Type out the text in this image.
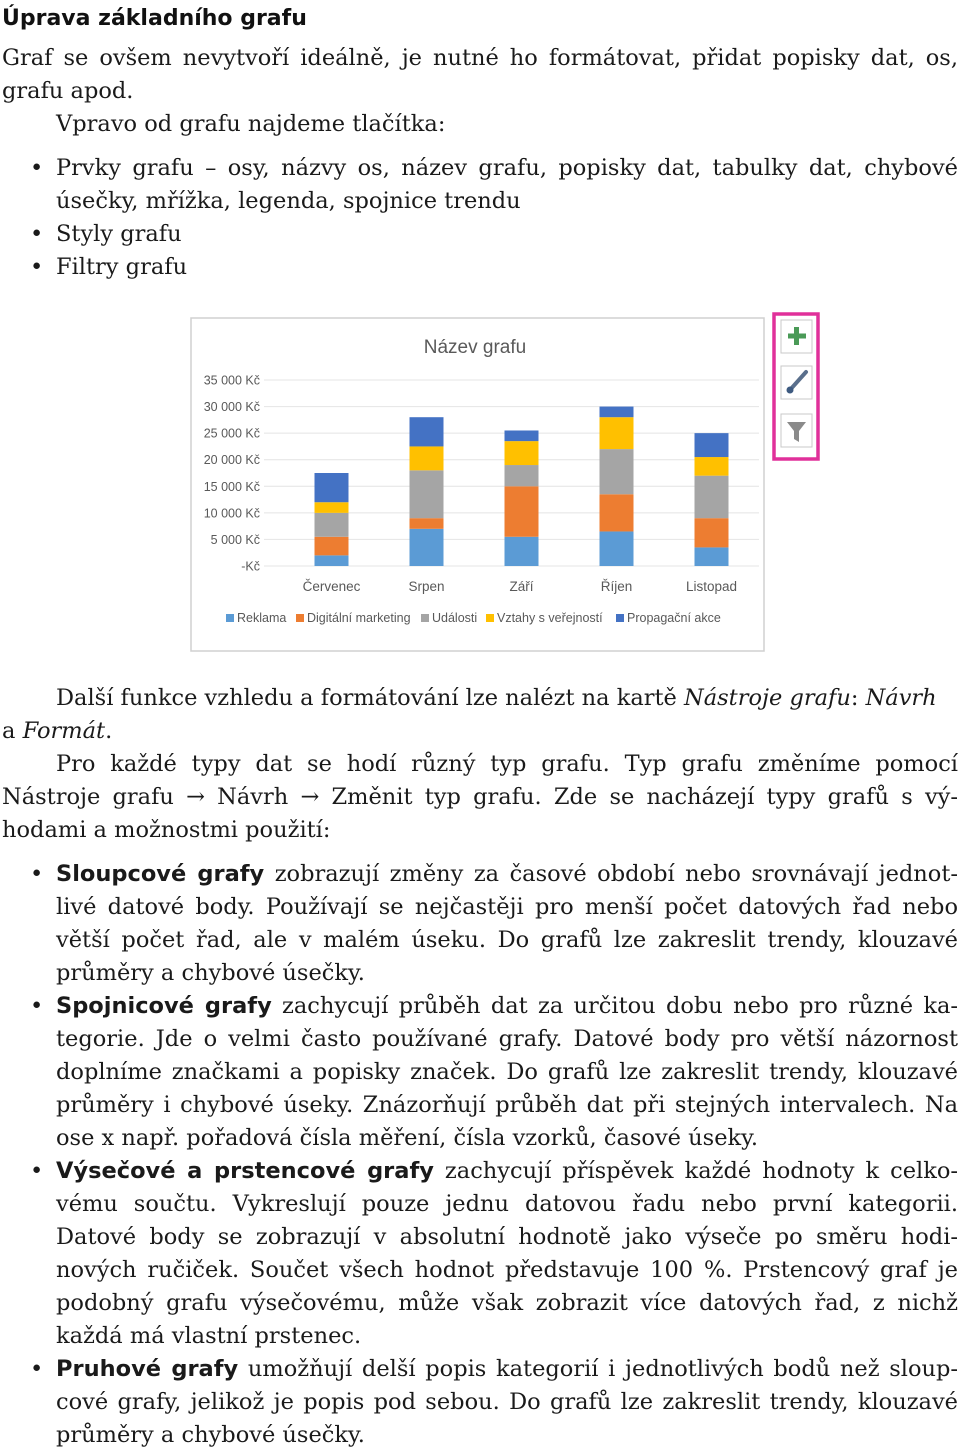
Úprava základního grafu

Graf se ovšem nevytvoří ideálně, je nutné ho formátovat, přidat popisky dat, os,

grafu apod.

Vpravo od grafu najdeme tlačítka:

•

Prvky grafu – osy, názvy os, název grafu, popisky dat, tabulky dat, chybové

úsečky, mřížka, legenda, spojnice trendu

•

Styly grafu

•

Filtry grafu

Název grafu
35 000 Kč
30 000 Kč
25 000 Kč
20 000 Kč
15 000 Kč
10 000 Kč
5 000 Kč
-Kč
Červenec	Srpen	Září	Říjen	Listopad
Reklama Digitální marketing Události Vztahy s veřejností Propagační akce

Další funkce vzhledu a formátování lze nalézt na kartě Nástroje grafu: Návrh

a Formát.

Pro každé typy dat se hodí různý typ grafu. Typ grafu změníme pomocí

Nástroje grafu → Návrh → Změnit typ grafu. Zde se nacházejí typy grafů s vý-

hodami a možnostmi použití:

•

Sloupcové grafy zobrazují změny za časové období nebo srovnávají jednot-

livé datové body. Používají se nejčastěji pro menší počet datových řad nebo

větší počet řad, ale v malém úseku. Do grafů lze zakreslit trendy, klouzavé

průměry a chybové úsečky.

•

Spojnicové grafy zachycují průběh dat za určitou dobu nebo pro různé ka-

tegorie. Jde o velmi často používané grafy. Datové body pro větší názornost

doplníme značkami a popisky značek. Do grafů lze zakreslit trendy, klouzavé

průměry i chybové úseky. Znázorňují průběh dat při stejných intervalech. Na

ose x např. pořadová čísla měření, čísla vzorků, časové úseky.

•

Výsečové a prstencové grafy zachycují příspěvek každé hodnoty k celko-

vému součtu. Vykreslují pouze jednu datovou řadu nebo první kategorii.

Datové body se zobrazují v absolutní hodnotě jako výseče po směru hodi-

nových ručiček. Součet všech hodnot představuje 100 %. Prstencový graf je

podobný grafu výsečovému, může však zobrazit více datových řad, z nichž

každá má vlastní prstenec.

•

Pruhové grafy umožňují delší popis kategorií i jednotlivých bodů než sloup-

cové grafy, jelikož je popis pod sebou. Do grafů lze zakreslit trendy, klouzavé

průměry a chybové úsečky.
